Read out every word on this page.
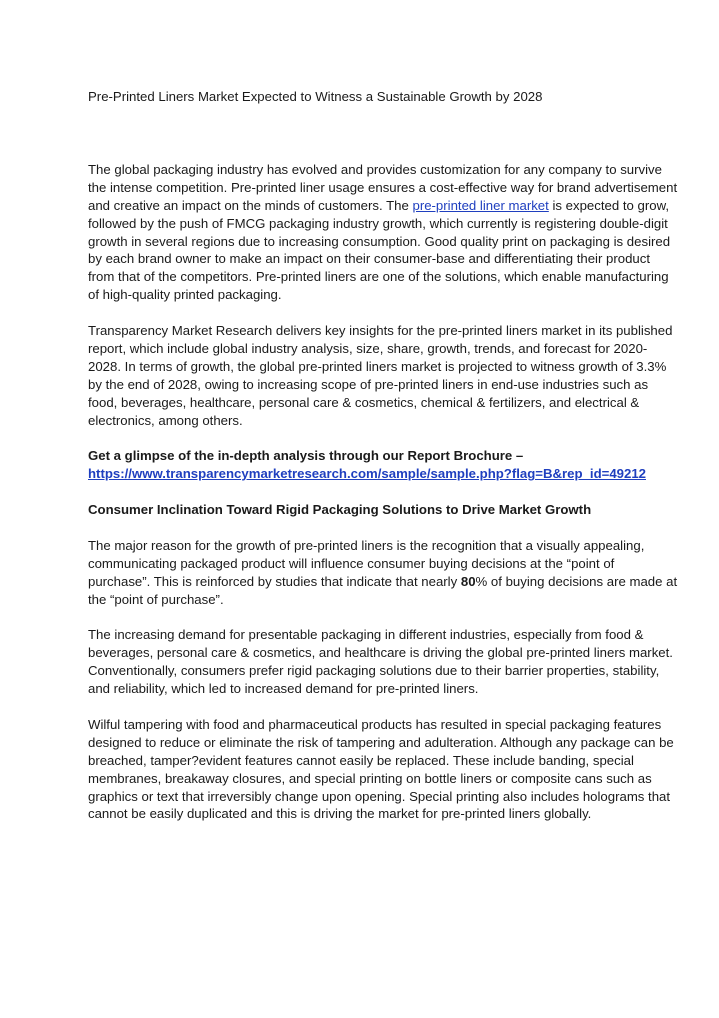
Pre-Printed Liners Market Expected to Witness a Sustainable Growth by 2028

The global packaging industry has evolved and provides customization for any company to survive the intense competition. Pre-printed liner usage ensures a cost-effective way for brand advertisement and creative an impact on the minds of customers. The pre-printed liner market is expected to grow, followed by the push of FMCG packaging industry growth, which currently is registering double-digit growth in several regions due to increasing consumption. Good quality print on packaging is desired by each brand owner to make an impact on their consumer-base and differentiating their product from that of the competitors. Pre-printed liners are one of the solutions, which enable manufacturing of high-quality printed packaging.

Transparency Market Research delivers key insights for the pre-printed liners market in its published report, which include global industry analysis, size, share, growth, trends, and forecast for 2020-2028. In terms of growth, the global pre-printed liners market is projected to witness growth of 3.3% by the end of 2028, owing to increasing scope of pre-printed liners in end-use industries such as food, beverages, healthcare, personal care & cosmetics, chemical & fertilizers, and electrical & electronics, among others.

Get a glimpse of the in-depth analysis through our Report Brochure –
https://www.transparencymarketresearch.com/sample/sample.php?flag=B&rep_id=49212

Consumer Inclination Toward Rigid Packaging Solutions to Drive Market Growth

The major reason for the growth of pre-printed liners is the recognition that a visually appealing, communicating packaged product will influence consumer buying decisions at the “point of purchase”. This is reinforced by studies that indicate that nearly 80% of buying decisions are made at the “point of purchase”.

The increasing demand for presentable packaging in different industries, especially from food & beverages, personal care & cosmetics, and healthcare is driving the global pre-printed liners market. Conventionally, consumers prefer rigid packaging solutions due to their barrier properties, stability, and reliability, which led to increased demand for pre-printed liners.

Wilful tampering with food and pharmaceutical products has resulted in special packaging features designed to reduce or eliminate the risk of tampering and adulteration. Although any package can be breached, tamper?evident features cannot easily be replaced. These include banding, special membranes, breakaway closures, and special printing on bottle liners or composite cans such as graphics or text that irreversibly change upon opening. Special printing also includes holograms that cannot be easily duplicated and this is driving the market for pre-printed liners globally.
